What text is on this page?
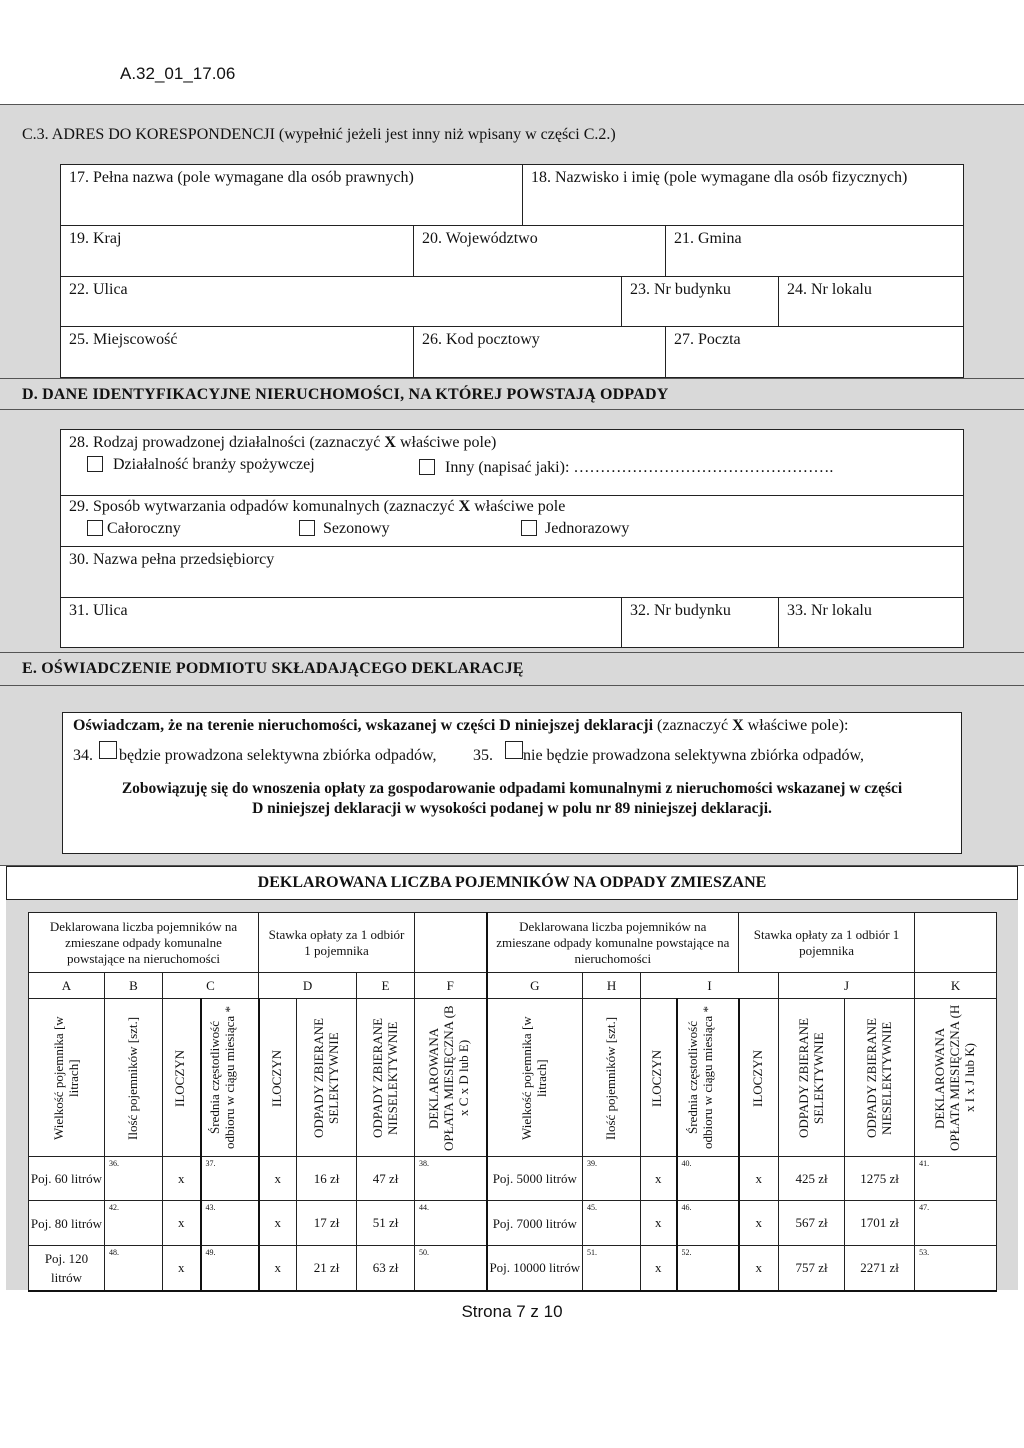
A.32_01_17.06
C.3. ADRES DO KORESPONDENCJI (wypełnić jeżeli jest inny niż wpisany w części C.2.)
17. Pełna nazwa (pole wymagane dla osób prawnych)	18. Nazwisko i imię (pole wymagane dla osób fizycznych)
19. Kraj	20. Województwo	21. Gmina
22. Ulica	23. Nr budynku	24. Nr lokalu
25. Miejscowość	26. Kod pocztowy	27. Poczta
D. DANE IDENTYFIKACYJNE NIERUCHOMOŚCI, NA KTÓREJ POWSTAJĄ ODPADY
28. Rodzaj prowadzonej działalności (zaznaczyć X właściwe pole)
Działalność branży spożywczej	Inny (napisać jaki): ………………………………………….
29. Sposób wytwarzania odpadów komunalnych (zaznaczyć X właściwe pole
Całoroczny	Sezonowy	Jednorazowy
30. Nazwa pełna przedsiębiorcy
31. Ulica	32. Nr budynku	33. Nr lokalu
E. OŚWIADCZENIE PODMIOTU SKŁADAJĄCEGO DEKLARACJĘ
Oświadczam, że na terenie nieruchomości, wskazanej w części D niniejszej deklaracji (zaznaczyć X właściwe pole):
34. będzie prowadzona selektywna zbiórka odpadów, 35. nie będzie prowadzona selektywna zbiórka odpadów,
Zobowiązuję się do wnoszenia opłaty za gospodarowanie odpadami komunalnymi z nieruchomości wskazanej w części
D niniejszej deklaracji w wysokości podanej w polu nr 89 niniejszej deklaracji.
DEKLAROWANA LICZBA POJEMNIKÓW NA ODPADY ZMIESZANE
Deklarowana liczba pojemników na zmieszane odpady komunalne powstające na nieruchomości				Stawka opłaty za 1 odbiór 1 pojemnika				Deklarowana liczba pojemników na zmieszane odpady komunalne powstające na nieruchomości				Stawka opłaty za 1 odbiór 1 pojemnika				
A	B	C		D		E	F	G	H	I			J		K	

Wielkość pojemnika [w litrach]	Ilość pojemników [szt.]	ILOCZYN	Średnia częstotliwość odbioru w ciągu miesiąca *	ILOCZYN	ODPADY ZBIERANE SELEKTYWNIE	ODPADY ZBIERANE NIESELEKTYWNIE	DEKLAROWANA OPŁATA MIESIĘCZNA (B x C x D lub E)	Wielkość pojemnika [w litrach]	Ilość pojemników [szt.]	ILOCZYN	Średnia częstotliwość odbioru w ciągu miesiąca *	ILOCZYN	ODPADY ZBIERANE SELEKTYWNIE	ODPADY ZBIERANE NIESELEKTYWNIE	DEKLAROWANA OPŁATA MIESIĘCZNA (H x I x J lub K)	

Poj. 60 litrów	36.	x	37.	x	16 zł	47 zł	38.	Poj. 5000 litrów	39.	x	40.	x	425 zł	1275 zł	41.	

Poj. 80 litrów	42.	x	43.	x	17 zł	51 zł	44.	Poj. 7000 litrów	45.	x	46.	x	567 zł	1701 zł	47.	

Poj. 120 litrów	48.	x	49.	x	21 zł	63 zł	50.	Poj. 10000 litrów	51.	x	52.	x	757 zł	2271 zł	53.	
Strona 7 z 10
